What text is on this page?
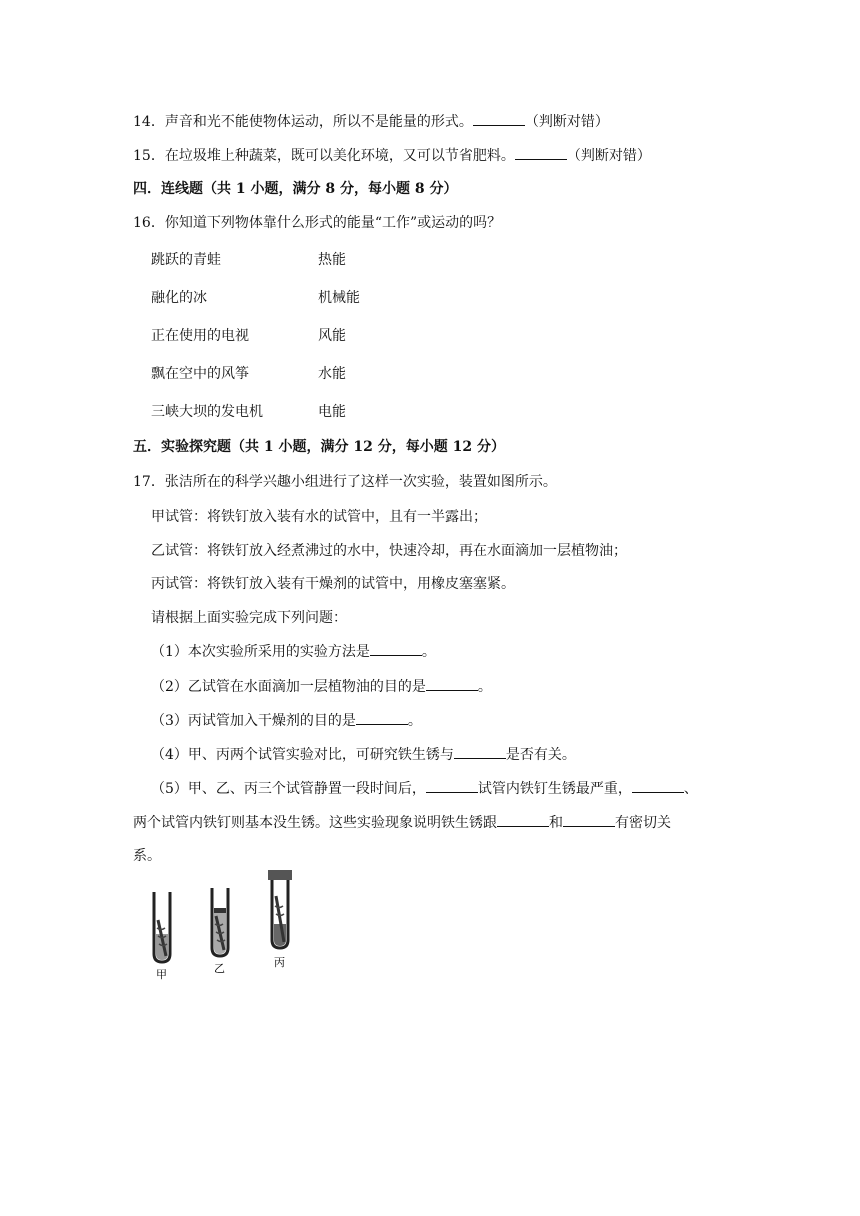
14．声音和光不能使物体运动，所以不是能量的形式。	（判断对错）
15．在垃圾堆上种蔬菜，既可以美化环境，又可以节省肥料。	（判断对错）
四．连线题（共 1 小题，满分 8 分，每小题 8 分）
16．你知道下列物体靠什么形式的能量“工作”或运动的吗？
跳跃的青蛙	热能
融化的冰	机械能
正在使用的电视	风能
飘在空中的风筝	水能
三峡大坝的发电机	电能
五．实验探究题（共 1 小题，满分 12 分，每小题 12 分）
17．张洁所在的科学兴趣小组进行了这样一次实验，装置如图所示。
甲试管：将铁钉放入装有水的试管中，且有一半露出；
乙试管：将铁钉放入经煮沸过的水中，快速冷却，再在水面滴加一层植物油；
丙试管：将铁钉放入装有干燥剂的试管中，用橡皮塞塞紧。
请根据上面实验完成下列问题：
（1）本次实验所采用的实验方法是	。
（2）乙试管在水面滴加一层植物油的目的是	。
（3）丙试管加入干燥剂的目的是	。
（4）甲、丙两个试管实验对比，可研究铁生锈与	是否有关。
（5）甲、乙、丙三个试管静置一段时间后，	试管内铁钉生锈最严重，	、
两个试管内铁钉则基本没生锈。这些实验现象说明铁生锈跟	和	有密切关
系。
甲	乙	丙
